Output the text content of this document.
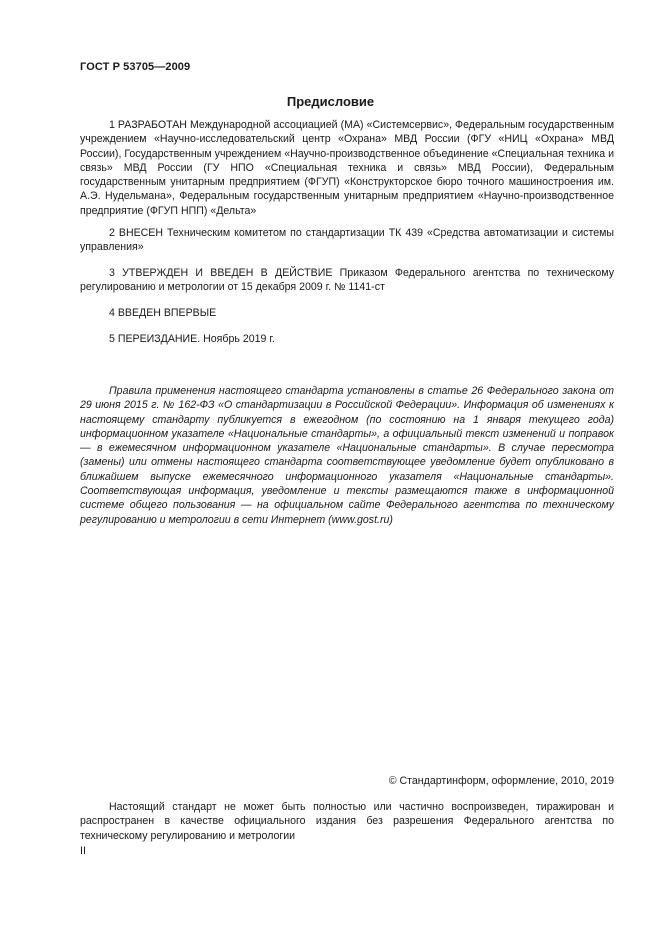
ГОСТ Р 53705—2009
Предисловие

1 РАЗРАБОТАН Международной ассоциацией (МА) «Системсервис», Федеральным государственным учреждением «Научно-исследовательский центр «Охрана» МВД России (ФГУ «НИЦ «Охрана» МВД России), Государственным учреждением «Научно-производственное объединение «Специальная техника и связь» МВД России (ГУ НПО «Специальная техника и связь» МВД России), Федеральным государственным унитарным предприятием (ФГУП) «Конструкторское бюро точного машиностроения им. А.Э. Нудельмана», Федеральным государственным унитарным предприятием «Научно-производственное предприятие (ФГУП НПП) «Дельта»

2 ВНЕСЕН Техническим комитетом по стандартизации ТК 439 «Средства автоматизации и системы управления»

3 УТВЕРЖДЕН И ВВЕДЕН В ДЕЙСТВИЕ Приказом Федерального агентства по техническому регулированию и метрологии от 15 декабря 2009 г. № 1141-ст

4 ВВЕДЕН ВПЕРВЫЕ

5 ПЕРЕИЗДАНИЕ. Ноябрь 2019 г.

Правила применения настоящего стандарта установлены в статье 26 Федерального закона от 29 июня 2015 г. № 162-ФЗ «О стандартизации в Российской Федерации». Информация об изменениях к настоящему стандарту публикуется в ежегодном (по состоянию на 1 января текущего года) информационном указателе «Национальные стандарты», а официальный текст изменений и поправок — в ежемесячном информационном указателе «Национальные стандарты». В случае пересмотра (замены) или отмены настоящего стандарта соответствующее уведомление будет опубликовано в ближайшем выпуске ежемесячного информационного указателя «Национальные стандарты». Соответствующая информация, уведомление и тексты размещаются также в информационной системе общего пользования — на официальном сайте Федерального агентства по техническому регулированию и метрологии в сети Интернет (www.gost.ru)

© Стандартинформ, оформление, 2010, 2019

Настоящий стандарт не может быть полностью или частично воспроизведен, тиражирован и распространен в качестве официального издания без разрешения Федерального агентства по техническому регулированию и метрологии

II
